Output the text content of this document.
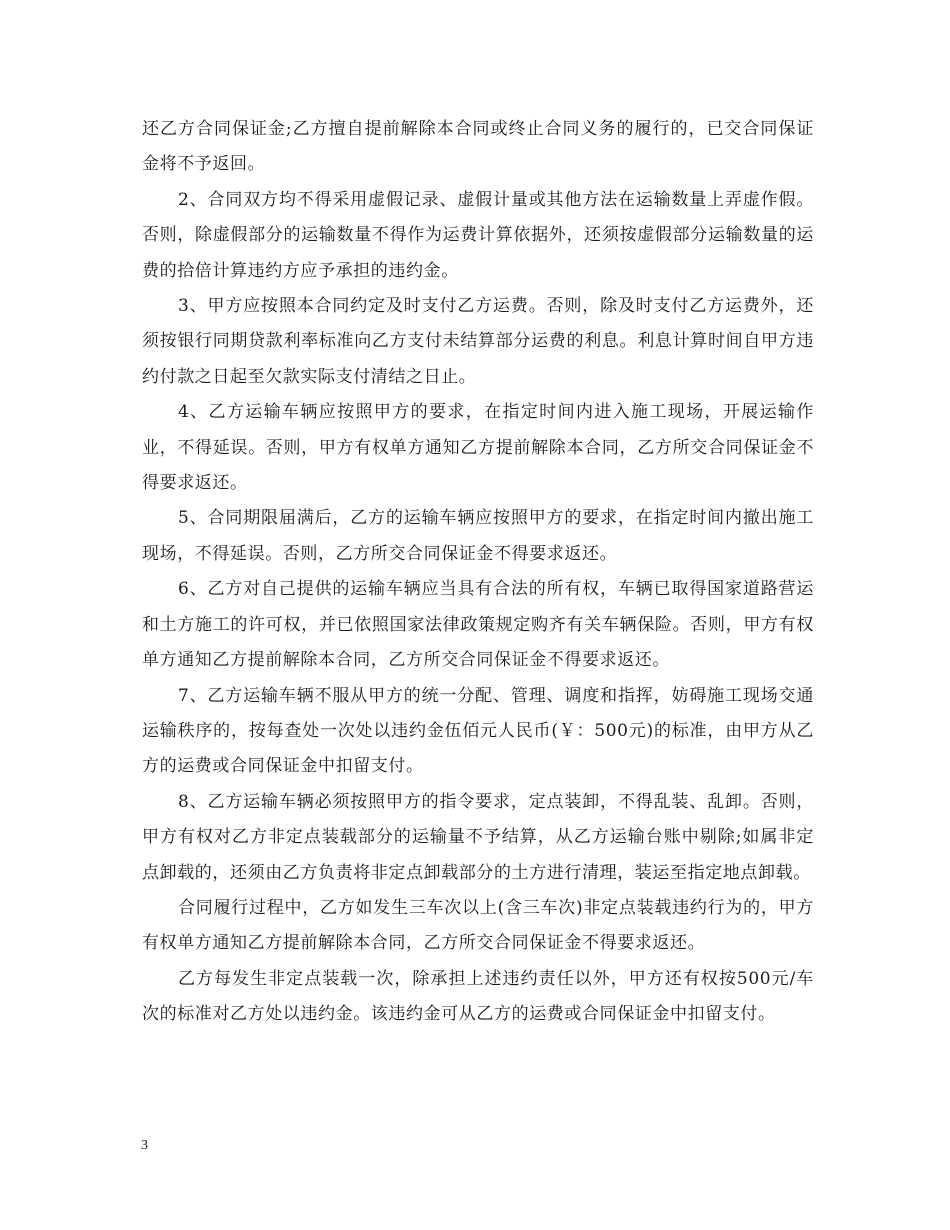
还乙方合同保证金;乙方擅自提前解除本合同或终止合同义务的履行的，已交合同保证金将不予返回。

2、合同双方均不得采用虚假记录、虚假计量或其他方法在运输数量上弄虚作假。否则，除虚假部分的运输数量不得作为运费计算依据外，还须按虚假部分运输数量的运费的拾倍计算违约方应予承担的违约金。

3、甲方应按照本合同约定及时支付乙方运费。否则，除及时支付乙方运费外，还须按银行同期贷款利率标准向乙方支付未结算部分运费的利息。利息计算时间自甲方违约付款之日起至欠款实际支付清结之日止。

4、乙方运输车辆应按照甲方的要求，在指定时间内进入施工现场，开展运输作业，不得延误。否则，甲方有权单方通知乙方提前解除本合同，乙方所交合同保证金不得要求返还。

5、合同期限届满后，乙方的运输车辆应按照甲方的要求，在指定时间内撤出施工现场，不得延误。否则，乙方所交合同保证金不得要求返还。

6、乙方对自己提供的运输车辆应当具有合法的所有权，车辆已取得国家道路营运和土方施工的许可权，并已依照国家法律政策规定购齐有关车辆保险。否则，甲方有权单方通知乙方提前解除本合同，乙方所交合同保证金不得要求返还。

7、乙方运输车辆不服从甲方的统一分配、管理、调度和指挥，妨碍施工现场交通运输秩序的，按每查处一次处以违约金伍佰元人民币(￥：500元)的标准，由甲方从乙方的运费或合同保证金中扣留支付。

8、乙方运输车辆必须按照甲方的指令要求，定点装卸，不得乱装、乱卸。否则，甲方有权对乙方非定点装载部分的运输量不予结算，从乙方运输台账中剔除;如属非定点卸载的，还须由乙方负责将非定点卸载部分的土方进行清理，装运至指定地点卸载。

合同履行过程中，乙方如发生三车次以上(含三车次)非定点装载违约行为的，甲方有权单方通知乙方提前解除本合同，乙方所交合同保证金不得要求返还。

乙方每发生非定点装载一次，除承担上述违约责任以外，甲方还有权按500元/车次的标准对乙方处以违约金。该违约金可从乙方的运费或合同保证金中扣留支付。

3
